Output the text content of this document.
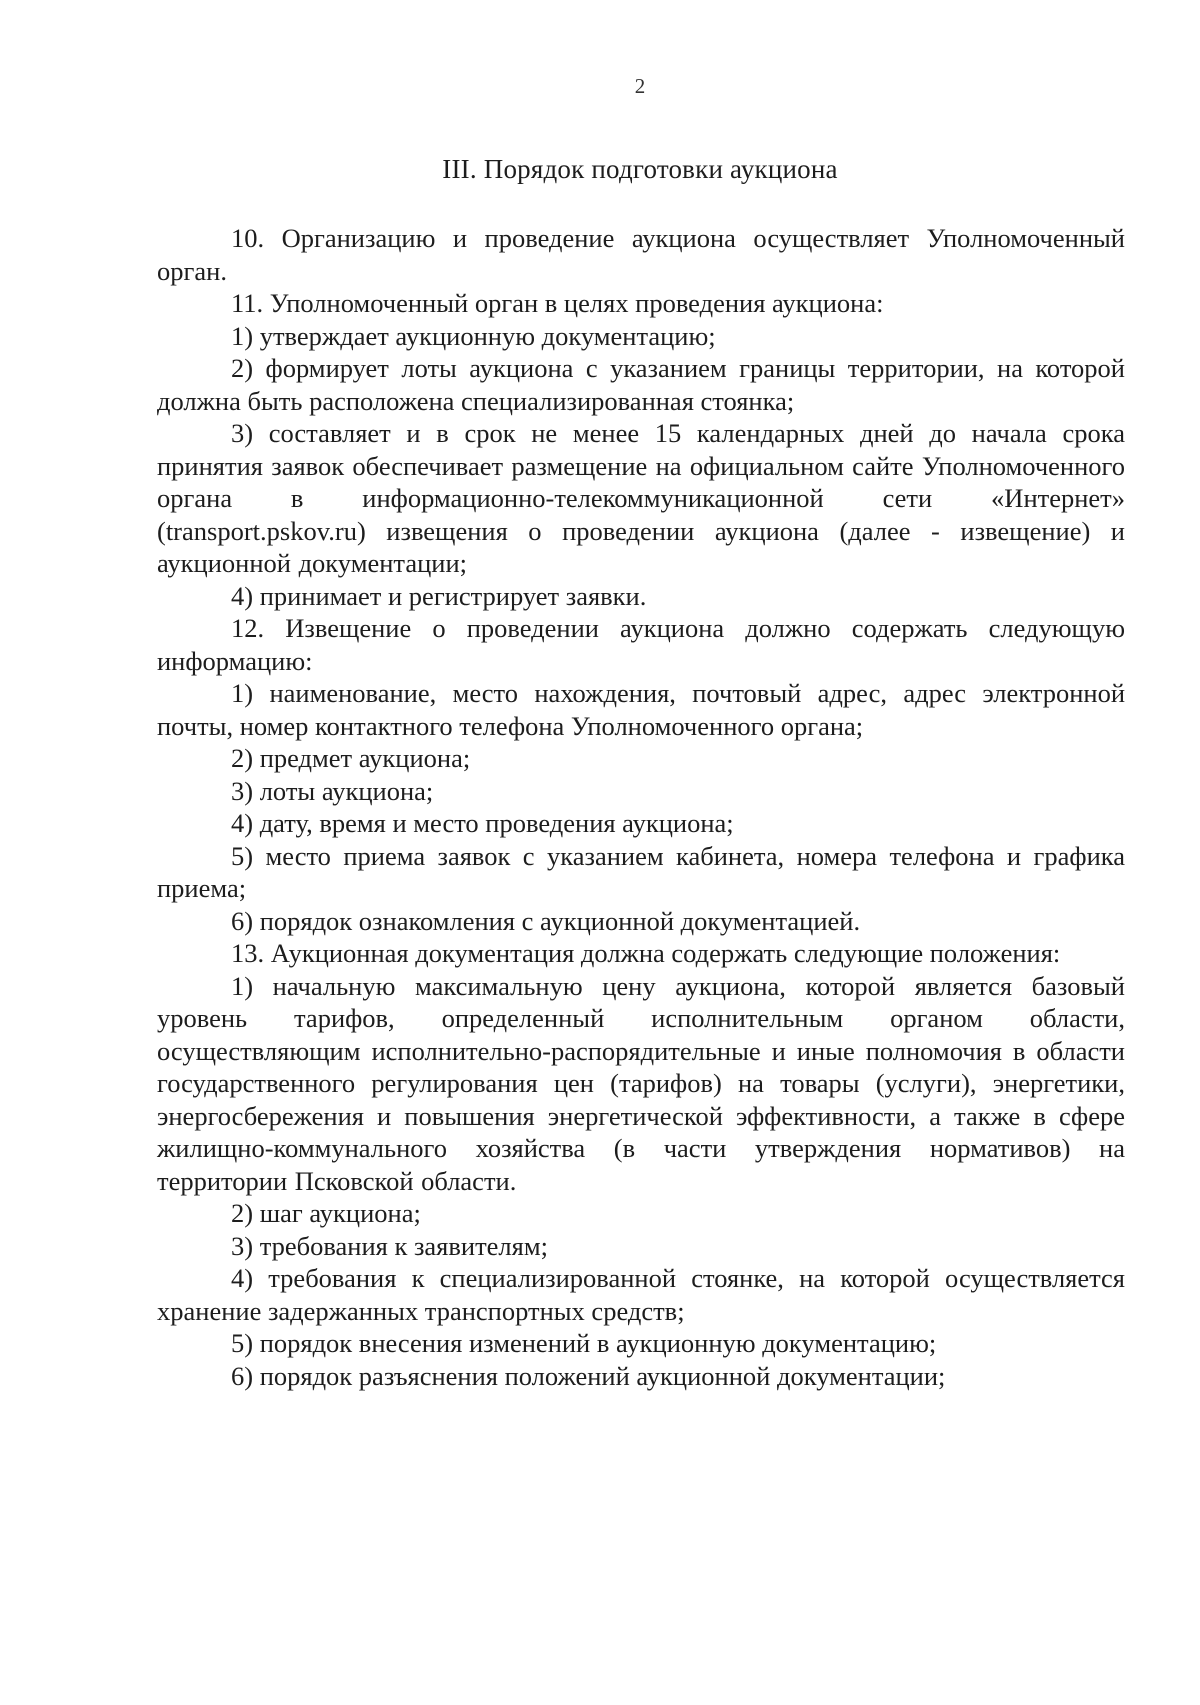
2
III. Порядок подготовки аукциона

10. Организацию и проведение аукциона осуществляет Уполномоченный орган.

11. Уполномоченный орган в целях проведения аукциона:

1) утверждает аукционную документацию;

2) формирует лоты аукциона с указанием границы территории, на которой должна быть расположена специализированная стоянка;

3) составляет и в срок не менее 15 календарных дней до начала срока принятия заявок обеспечивает размещение на официальном сайте Уполномоченного органа в информационно-телекоммуникационной сети «Интернет» (transport.pskov.ru) извещения о проведении аукциона (далее - извещение) и аукционной документации;

4) принимает и регистрирует заявки.

12. Извещение о проведении аукциона должно содержать следующую информацию:

1) наименование, место нахождения, почтовый адрес, адрес электронной почты, номер контактного телефона Уполномоченного органа;

2) предмет аукциона;

3) лоты аукциона;

4) дату, время и место проведения аукциона;

5) место приема заявок с указанием кабинета, номера телефона и графика приема;

6) порядок ознакомления с аукционной документацией.

13. Аукционная документация должна содержать следующие положения:

1) начальную максимальную цену аукциона, которой является базовый уровень тарифов, определенный исполнительным органом области, осуществляющим исполнительно-распорядительные и иные полномочия в области государственного регулирования цен (тарифов) на товары (услуги), энергетики, энергосбережения и повышения энергетической эффективности, а также в сфере жилищно-коммунального хозяйства (в части утверждения нормативов) на территории Псковской области.

2) шаг аукциона;

3) требования к заявителям;

4) требования к специализированной стоянке, на которой осуществляется хранение задержанных транспортных средств;

5) порядок внесения изменений в аукционную документацию;

6) порядок разъяснения положений аукционной документации;
